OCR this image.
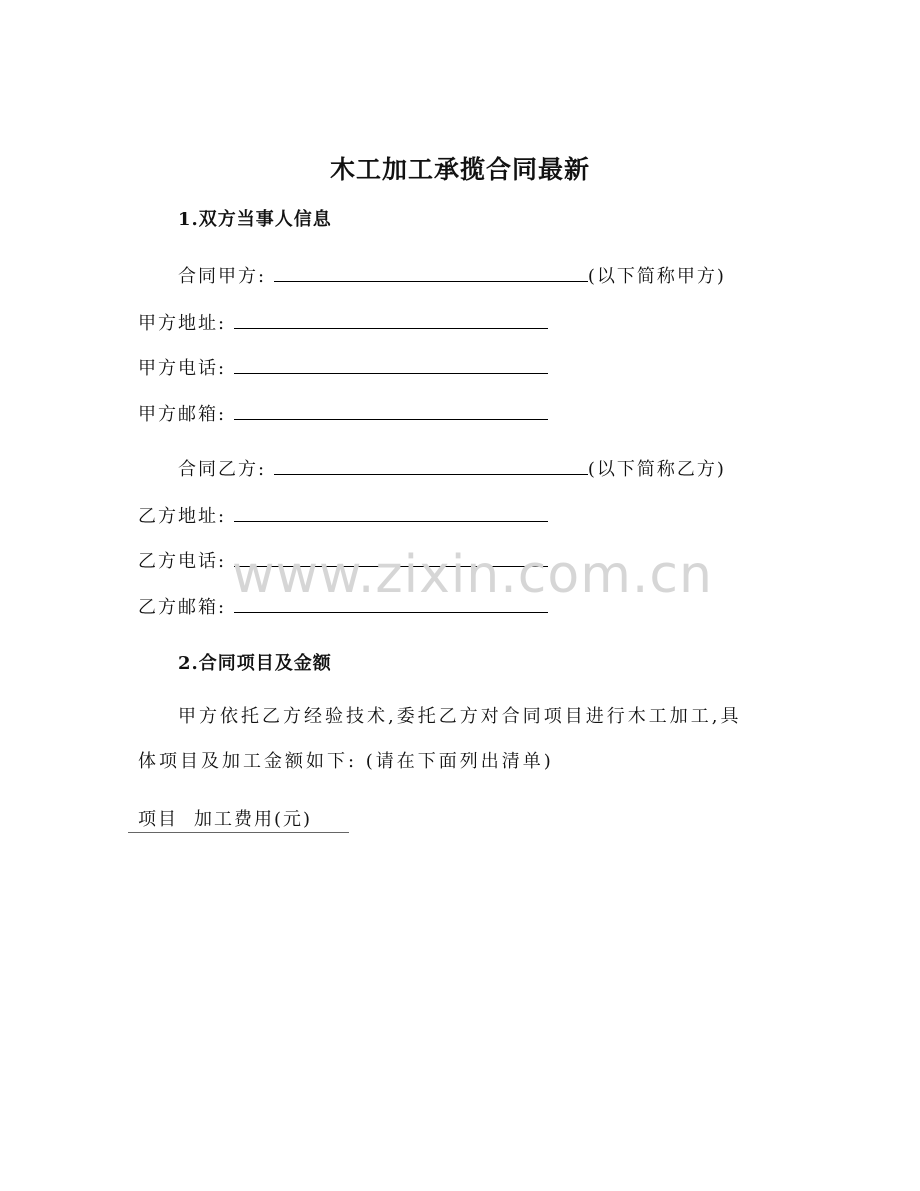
木工加工承揽合同最新
1.双方当事人信息
合同甲方:	(以下简称甲方)
甲方地址:
甲方电话:
甲方邮箱:
合同乙方:	(以下简称乙方)
乙方地址:
乙方电话:
乙方邮箱:
2.合同项目及金额
甲方依托乙方经验技术,委托乙方对合同项目进行木工加工,具
体项目及加工金额如下: (请在下面列出清单)
项目 加工费用(元)
www.zixin.com.cn
